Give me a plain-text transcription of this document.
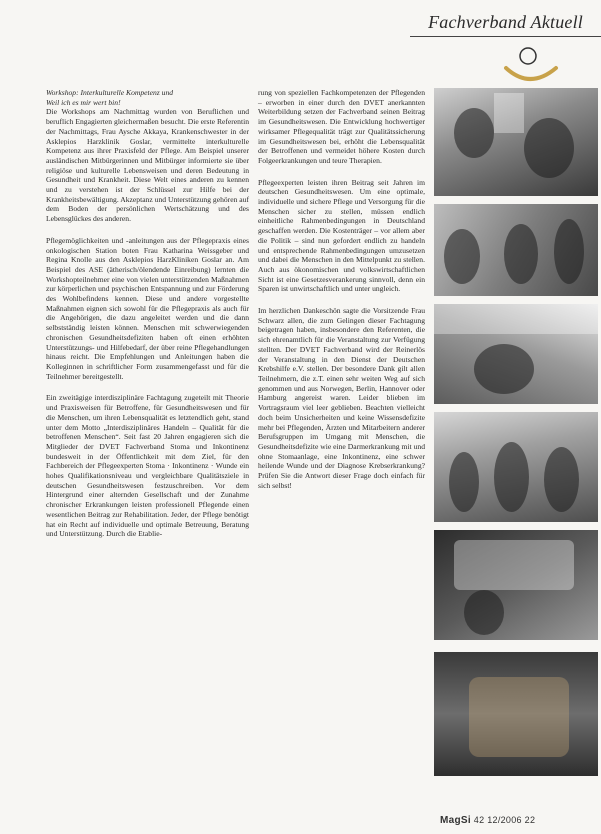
Fachverband Aktuell
Workshop: Interkulturelle Kompetenz und
Weil ich es mir wert bin!

Die Workshops am Nachmittag wurden von Beruflichen und beruflich Engagierten gleichermaßen besucht. Die erste Referentin der Nachmittags, Frau Aysche Akkaya, Krankenschwester in der Asklepios Harzklinik Goslar, vermittelte interkulturelle Kompetenz aus ihrer Praxisfeld der Pflege. Am Beispiel unserer ausländischen Mitbürgerinnen und Mitbürger informierte sie über religiöse und kulturelle Lebensweisen und deren Bedeutung in Gesundheit und Krankheit. Diese Welt eines anderen zu kennen und zu verstehen ist der Schlüssel zur Hilfe bei der Krankheitsbewältigung. Akzeptanz und Unterstützung gehören auf dem Boden der persönlichen Wertschätzung und des Lebensglückes des anderen.

Pflegemöglichkeiten und -anleitungen aus der Pflegepraxis eines onkologischen Station boten Frau Katharina Weissgeber und Regina Knolle aus den Asklepios HarzKliniken Goslar an. Am Beispiel des ASE (ätherisch/ölendende Einreibung) lernten die Workshopteilnehmer eine von vielen unterstützenden Maßnahmen zur körperlichen und psychischen Entspannung und zur Förderung des Wohlbefindens kennen. Diese und andere vorgestellte Maßnahmen eignen sich sowohl für die Pflegepraxis als auch für die Angehörigen, die dazu angeleitet werden und die dann selbstständig leisten können. Menschen mit schwerwiegenden chronischen Gesundheitsdefiziten haben oft einen erhöhten Unterstützungs- und Hilfebedarf, der über reine Pflegehandlungen hinaus reicht. Die Empfehlungen und Anleitungen haben die Kolleginnen in schriftlicher Form zusammengefasst und für die Teilnehmer bereitgestellt.

Ein zweitägige interdisziplinäre Fachtagung zugeteilt mit Theorie und Praxisweisen für Betroffene, für Gesundheitswesen und für die Menschen, um ihren Lebensqualität es letztendlich geht, stand unter dem Motto „Interdisziplinäres Handeln – Qualität für die betroffenen Menschen“. Seit fast 20 Jahren engagieren sich die Mitglieder der DVET Fachverband Stoma und Inkontinenz bundesweit in der Öffentlichkeit mit dem Ziel, für den Fachbereich der Pflegeexperten Stoma · Inkontinenz · Wunde ein hohes Qualifikationsniveau und vergleichbare Qualitätsziele in deutschen Gesundheitswesen festzuschreiben. Vor dem Hintergrund einer alternden Gesellschaft und der Zunahme chronischer Erkrankungen leisten professionell Pflegende einen wesentlichen Beitrag zur Rehabilitation. Jeder, der Pflege benötigt hat ein Recht auf individuelle und optimale Betreuung, Beratung und Unterstützung. Durch die Etablie-

rung von speziellen Fachkompetenzen der Pflegenden – erworben in einer durch den DVET anerkannten Weiterbildung setzen der Fachverband seinen Beitrag im Gesundheitswesen. Die Entwicklung hochwertiger wirksamer Pflegequalität trägt zur Qualitätssicherung im Gesundheitswesen bei, erhöht die Lebensqualität der Betroffenen und vermeidet höhere Kosten durch Folgeerkrankungen und teure Therapien.

Pflegeexperten leisten ihren Beitrag seit Jahren im deutschen Gesundheitswesen. Um eine optimale, individuelle und sichere Pflege und Versorgung für die Menschen sicher zu stellen, müssen endlich einheitliche Rahmenbedingungen in Deutschland geschaffen werden. Die Kostenträger – vor allem aber die Politik – sind nun gefordert endlich zu handeln und entsprechende Rahmenbedingungen umzusetzen und dabei die Menschen in den Mittelpunkt zu stellen. Auch aus ökonomischen und volkswirtschaftlichen Sicht ist eine Gesetzesverankerung sinnvoll, denn ein Sparen ist unwirtschaftlich und unter ungleich.

Im herzlichen Dankeschön sagte die Vorsitzende Frau Schwarz allen, die zum Gelingen dieser Fachtagung beigetragen haben, insbesondere den Referenten, die sich ehrenamtlich für die Veranstaltung zur Verfügung stellten. Der DVET Fachverband wird der Reinerlös der Veranstaltung in den Dienst der Deutschen Krebshilfe e.V. stellen. Der besondere Dank gilt allen Teilnehmern, die z.T. einen sehr weiten Weg auf sich genommen und aus Norwegen, Berlin, Hannover oder Hamburg angereist waren. Leider blieben im Vortragsraum viel leer geblieben. Beachten vielleicht doch beim Unsicherheiten und keine Wissensdefizite mehr bei Pflegenden, Ärzten und Mitarbeitern anderer Berufsgruppen im Umgang mit Menschen, die Gesundheitsdefizite wie eine Darmerkrankung mit und ohne Stomaanlage, eine Inkontinenz, eine schwer heilende Wunde und der Diagnose Krebserkrankung? Prüfen Sie die Antwort dieser Frage doch einfach für sich selbst!

MagSi 42 12/2006 22
